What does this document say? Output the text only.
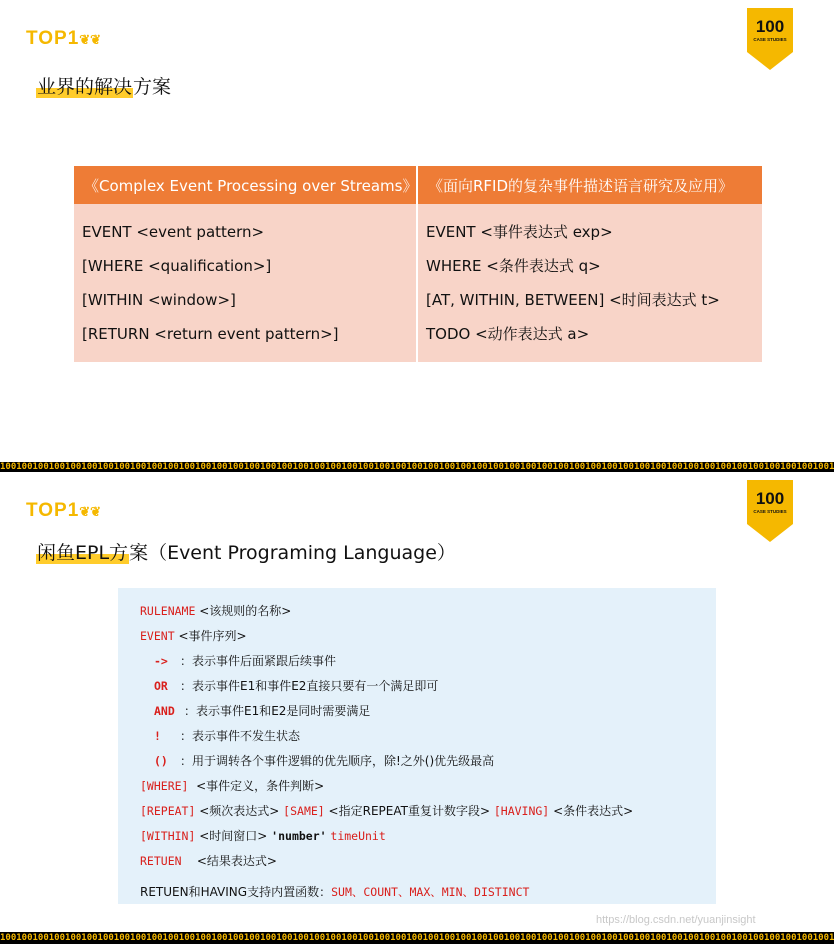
TOP1❦❦
100
CASE STUDIES
业界的解决方案
《Complex Event Processing over Streams》 《面向RFID的复杂事件描述语言研究及应用》
EVENT <event pattern>
[WHERE <qualification>]
[WITHIN <window>]
[RETURN <return event pattern>]
EVENT <事件表达式 exp>
WHERE <条件表达式 q>
[AT, WITHIN, BETWEEN] <时间表达式 t>
TODO <动作表达式 a>
1001001001001001001001001001001001001001001001001001001001001001001001001001001001001001001001001001001001001001001001001001001001001001001001001001001001
TOP1❦❦
100
CASE STUDIES
闲鱼EPL方案（Event Programing Language）
RULENAME <该规则的名称>
EVENT <事件序列>
-> ：表示事件后面紧跟后续事件
OR ：表示事件E1和事件E2直接只要有一个满足即可
AND ：表示事件E1和E2是同时需要满足
! ：表示事件不发生状态
() ：用于调转各个事件逻辑的优先顺序，除!之外()优先级最高
[WHERE] <事件定义，条件判断>
[REPEAT] <频次表达式> [SAME] <指定REPEAT重复计数字段> [HAVING] <条件表达式>
[WITHIN] <时间窗口> 'number' timeUnit
RETUEN <结果表达式>
RETUEN和HAVING支持内置函数：SUM、COUNT、MAX、MIN、DISTINCT
1001001001001001001001001001001001001001001001001001001001001001001001001001001001001001001001001001001001001001001001001001001001001001001001001001001001
https://blog.csdn.net/yuanjinsight
